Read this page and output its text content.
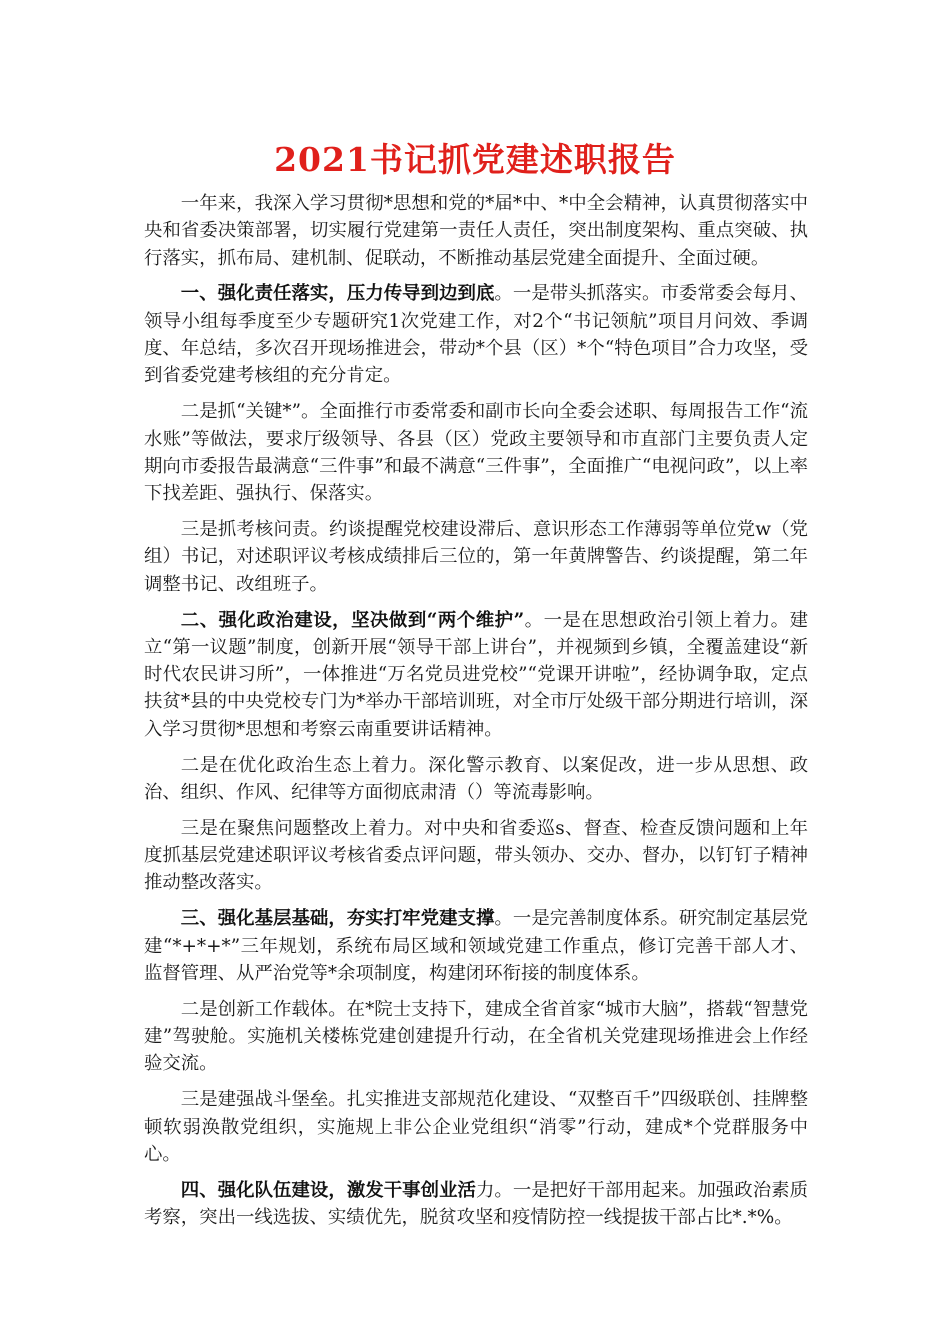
2021书记抓党建述职报告

一年来，我深入学习贯彻*思想和党的*届*中、*中全会精神，认真贯彻落实中央和省委决策部署，切实履行党建第一责任人责任，突出制度架构、重点突破、执行落实，抓布局、建机制、促联动，不断推动基层党建全面提升、全面过硬。

一、强化责任落实，压力传导到边到底。一是带头抓落实。市委常委会每月、领导小组每季度至少专题研究1次党建工作，对2个“书记领航”项目月问效、季调度、年总结，多次召开现场推进会，带动*个县（区）*个“特色项目”合力攻坚，受到省委党建考核组的充分肯定。

二是抓“关键*”。全面推行市委常委和副市长向全委会述职、每周报告工作“流水账”等做法，要求厅级领导、各县（区）党政主要领导和市直部门主要负责人定期向市委报告最满意“三件事”和最不满意“三件事”，全面推广“电视问政”，以上率下找差距、强执行、保落实。

三是抓考核问责。约谈提醒党校建设滞后、意识形态工作薄弱等单位党w（党组）书记，对述职评议考核成绩排后三位的，第一年黄牌警告、约谈提醒，第二年调整书记、改组班子。

二、强化政治建设，坚决做到“两个维护”。一是在思想政治引领上着力。建立“第一议题”制度，创新开展“领导干部上讲台”，并视频到乡镇，全覆盖建设“新时代农民讲习所”，一体推进“万名党员进党校”“党课开讲啦”，经协调争取，定点扶贫*县的中央党校专门为*举办干部培训班，对全市厅处级干部分期进行培训，深入学习贯彻*思想和考察云南重要讲话精神。

二是在优化政治生态上着力。深化警示教育、以案促改，进一步从思想、政治、组织、作风、纪律等方面彻底肃清（）等流毒影响。

三是在聚焦问题整改上着力。对中央和省委巡s、督查、检查反馈问题和上年度抓基层党建述职评议考核省委点评问题，带头领办、交办、督办，以钉钉子精神推动整改落实。

三、强化基层基础，夯实打牢党建支撑。一是完善制度体系。研究制定基层党建“*+*+*”三年规划，系统布局区域和领域党建工作重点，修订完善干部人才、监督管理、从严治党等*余项制度，构建闭环衔接的制度体系。

二是创新工作载体。在*院士支持下，建成全省首家“城市大脑”，搭载“智慧党建”驾驶舱。实施机关楼栋党建创建提升行动，在全省机关党建现场推进会上作经验交流。

三是建强战斗堡垒。扎实推进支部规范化建设、“双整百千”四级联创、挂牌整顿软弱涣散党组织，实施规上非公企业党组织“消零”行动，建成*个党群服务中心。

四、强化队伍建设，激发干事创业活力。一是把好干部用起来。加强政治素质考察，突出一线选拔、实绩优先，脱贫攻坚和疫情防控一线提拔干部占比*.*%。
